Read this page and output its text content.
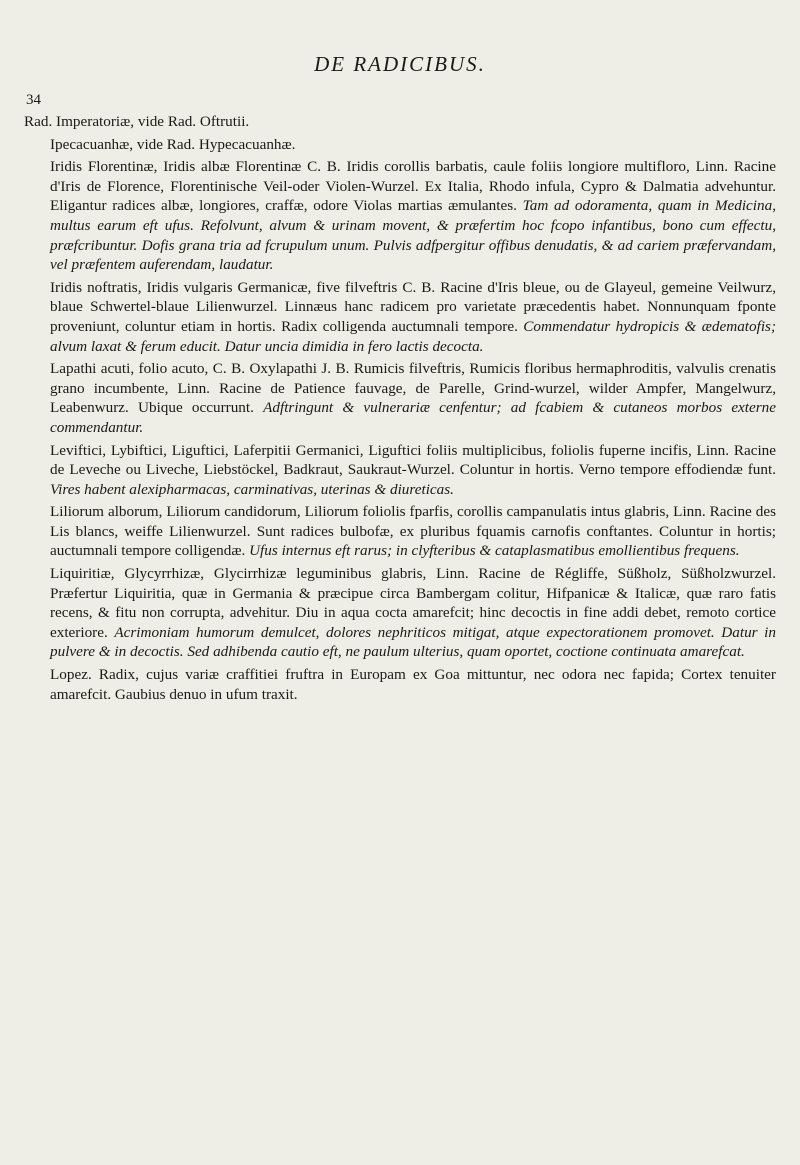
DE RADICIBUS.
34

Rad. Imperatoriæ, vide Rad. Oftrutii.

Ipecacuanhæ, vide Rad. Hypecacuanhæ.

Iridis Florentinæ, Iridis albæ Florentinæ C. B. Iridis corollis barbatis, caule foliis longiore multifloro, Linn. Racine d'Iris de Florence, Florentinische Veil-oder Violen-Wurzel. Ex Italia, Rhodo infula, Cypro & Dalmatia advehuntur. Eligantur radices albæ, longiores, craffæ, odore Violas martias æmulantes. Tam ad odoramenta, quam in Medicina, multus earum eft ufus. Refolvunt, alvum & urinam movent, & præfertim hoc fcopo infantibus, bono cum effectu, præfcribuntur. Dofis grana tria ad fcrupulum unum. Pulvis adfpergitur offibus denudatis, & ad cariem præfervandam, vel præfentem auferendam, laudatur.

Iridis noftratis, Iridis vulgaris Germanicæ, five filveftris C. B. Racine d'Iris bleue, ou de Glayeul, gemeine Veilwurz, blaue Schwertel-blaue Lilienwurzel. Linnæus hanc radicem pro varietate præcedentis habet. Nonnunquam fponte proveniunt, coluntur etiam in hortis. Radix colligenda auctumnali tempore. Commendatur hydropicis & ædematofis; alvum laxat & ferum educit. Datur uncia dimidia in fero lactis decocta.

Lapathi acuti, folio acuto, C. B. Oxylapathi J. B. Rumicis filveftris, Rumicis floribus hermaphroditis, valvulis crenatis grano incumbente, Linn. Racine de Patience fauvage, de Parelle, Grind-wurzel, wilder Ampfer, Mangelwurz, Leabenwurz. Ubique occurrunt. Adftringunt & vulnerariæ cenfentur; ad fcabiem & cutaneos morbos externe commendantur.

Leviftici, Lybiftici, Liguftici, Laferpitii Germanici, Liguftici foliis multiplicibus, foliolis fuperne incifis, Linn. Racine de Leveche ou Liveche, Liebstöckel, Badkraut, Saukraut-Wurzel. Coluntur in hortis. Verno tempore effodiendæ funt. Vires habent alexipharmacas, carminativas, uterinas & diureticas.

Liliorum alborum, Liliorum candidorum, Liliorum foliolis fparfis, corollis campanulatis intus glabris, Linn. Racine des Lis blancs, weiffe Lilienwurzel. Sunt radices bulbofæ, ex pluribus fquamis carnofis conftantes. Coluntur in hortis; auctumnali tempore colligendæ. Ufus internus eft rarus; in clyfteribus & cataplasmatibus emollientibus frequens.

Liquiritiæ, Glycyrrhizæ, Glycirrhizæ leguminibus glabris, Linn. Racine de Régliffe, Süßholz, Süßholzwurzel. Præfertur Liquiritia, quæ in Germania & præcipue circa Bambergam colitur, Hifpanicæ & Italicæ, quæ raro fatis recens, & fitu non corrupta, advehitur. Diu in aqua cocta amarefcit; hinc decoctis in fine addi debet, remoto cortice exteriore. Acrimoniam humorum demulcet, dolores nephriticos mitigat, atque expectorationem promovet. Datur in pulvere & in decoctis. Sed adhibenda cautio eft, ne paulum ulterius, quam oportet, coctione continuata amarefcat.

Lopez. Radix, cujus variæ craffitiei fruftra in Europam ex Goa mittuntur, nec odora nec fapida; Cortex tenuiter amarefcit. Gaubius denuo in ufum traxit.
